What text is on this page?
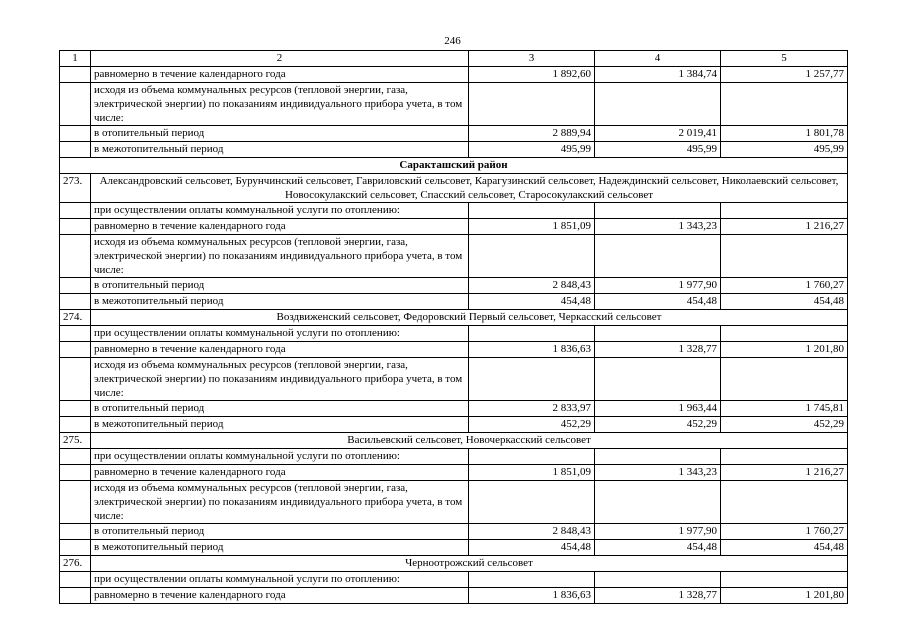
246
1	2	3	4	5
	равномерно в течение календарного года	1 892,60	1 384,74	1 257,77
	исходя из объема коммунальных ресурсов (тепловой энергии, газа, электрической энергии) по показаниям индивидуального прибора учета, в том числе:			
	в отопительный период	2 889,94	2 019,41	1 801,78
	в межотопительный период	495,99	495,99	495,99
Саракташский район				
273.	Александровский сельсовет, Бурунчинский сельсовет, Гавриловский сельсовет, Карагузинский сельсовет, Надеждинский сельсовет, Николаевский сельсовет, Новосокулакский сельсовет, Спасский сельсовет, Старосокулакский сельсовет			
	при осуществлении оплаты коммунальной услуги по отоплению:			
	равномерно в течение календарного года	1 851,09	1 343,23	1 216,27
	исходя из объема коммунальных ресурсов (тепловой энергии, газа, электрической энергии) по показаниям индивидуального прибора учета, в том числе:			
	в отопительный период	2 848,43	1 977,90	1 760,27
	в межотопительный период	454,48	454,48	454,48
274.	Воздвиженский сельсовет, Федоровский Первый сельсовет, Черкасский сельсовет			
	при осуществлении оплаты коммунальной услуги по отоплению:			
	равномерно в течение календарного года	1 836,63	1 328,77	1 201,80
	исходя из объема коммунальных ресурсов (тепловой энергии, газа, электрической энергии) по показаниям индивидуального прибора учета, в том числе:			
	в отопительный период	2 833,97	1 963,44	1 745,81
	в межотопительный период	452,29	452,29	452,29
275.	Васильевский сельсовет, Новочеркасский сельсовет			
	при осуществлении оплаты коммунальной услуги по отоплению:			
	равномерно в течение календарного года	1 851,09	1 343,23	1 216,27
	исходя из объема коммунальных ресурсов (тепловой энергии, газа, электрической энергии) по показаниям индивидуального прибора учета, в том числе:			
	в отопительный период	2 848,43	1 977,90	1 760,27
	в межотопительный период	454,48	454,48	454,48
276.	Черноотрожский сельсовет			
	при осуществлении оплаты коммунальной услуги по отоплению:			
	равномерно в течение календарного года	1 836,63	1 328,77	1 201,80
